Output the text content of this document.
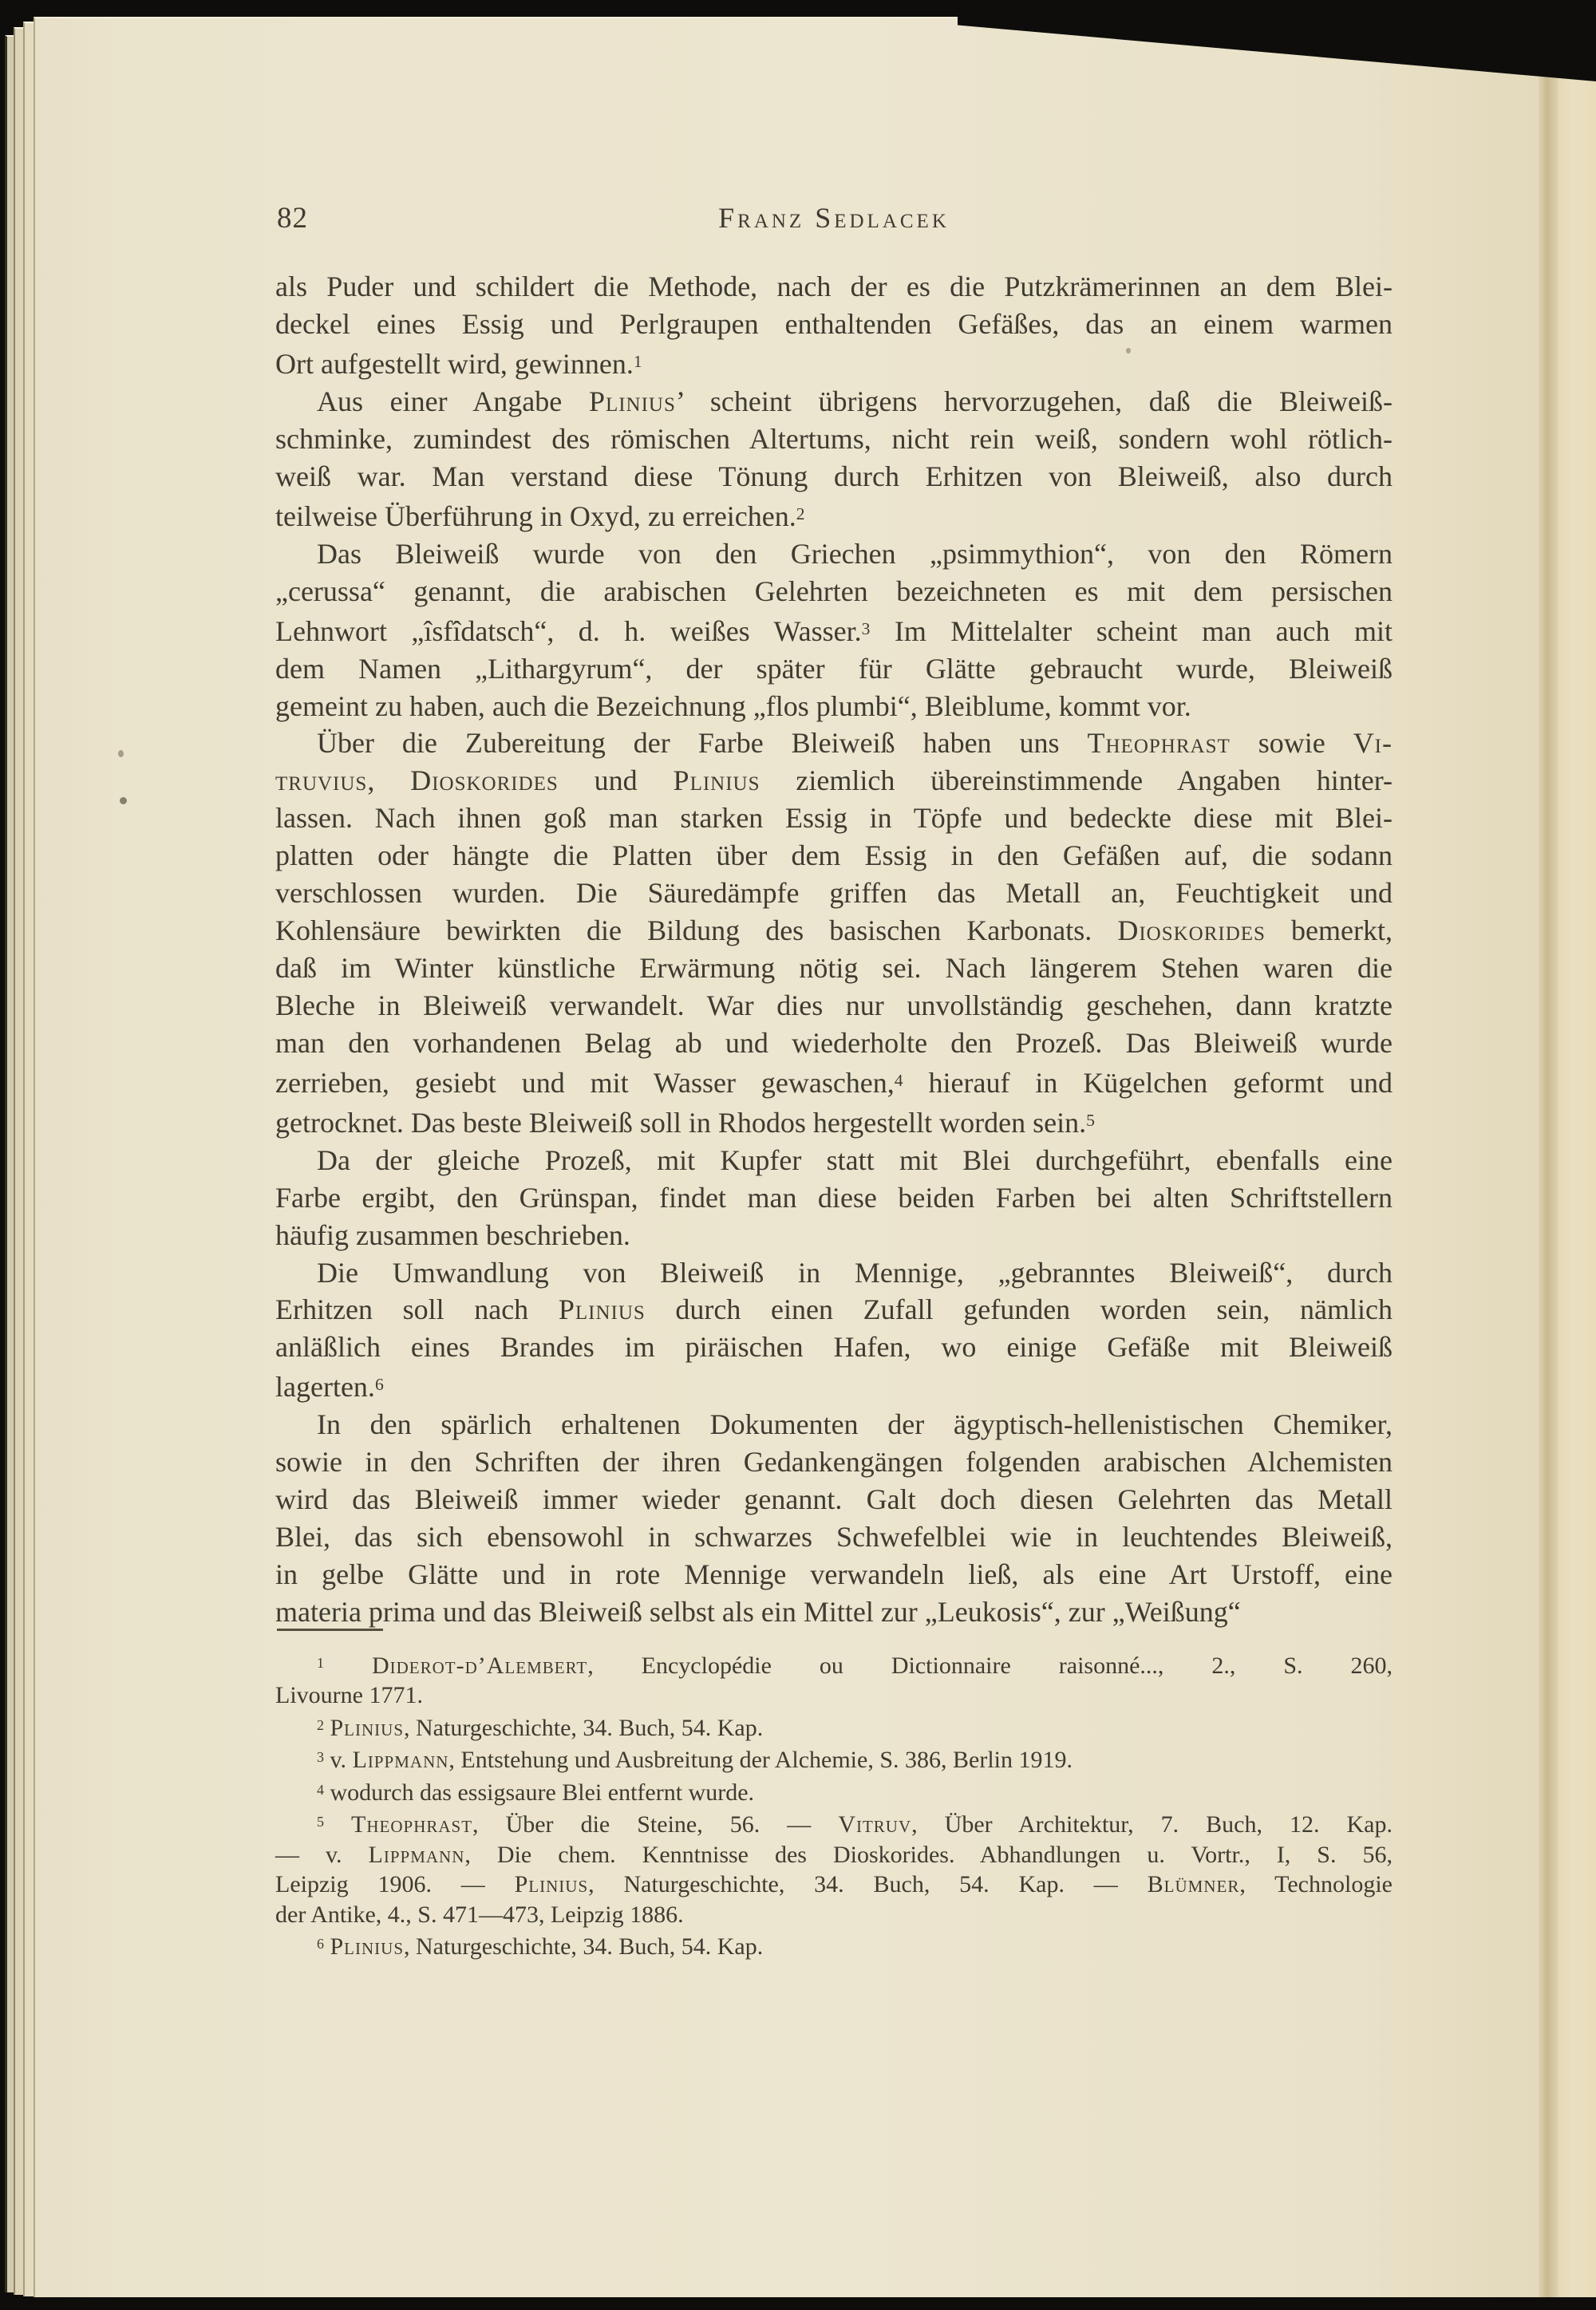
82	Franz Sedlacek
als Puder und schildert die Methode, nach der es die Putzkrämerinnen an dem Blei-
deckel eines Essig und Perlgraupen enthaltenden Gefäßes, das an einem warmen
Ort aufgestellt wird, gewinnen.$^1$
Aus einer Angabe Plinius’ scheint übrigens hervorzugehen, daß die Bleiweiß-
schminke, zumindest des römischen Altertums, nicht rein weiß, sondern wohl rötlich-
weiß war. Man verstand diese Tönung durch Erhitzen von Bleiweiß, also durch
teilweise Überführung in Oxyd, zu erreichen.$^2$
Das Bleiweiß wurde von den Griechen „psimmythion“, von den Römern
„cerussa“ genannt, die arabischen Gelehrten bezeichneten es mit dem persischen
Lehnwort „îsfîdatsch“, d. h. weißes Wasser.$^3$ Im Mittelalter scheint man auch mit
dem Namen „Lithargyrum“, der später für Glätte gebraucht wurde, Bleiweiß
gemeint zu haben, auch die Bezeichnung „flos plumbi“, Bleiblume, kommt vor.
Über die Zubereitung der Farbe Bleiweiß haben uns Theophrast sowie Vi-
truvius, Dioskorides und Plinius ziemlich übereinstimmende Angaben hinter-
lassen. Nach ihnen goß man starken Essig in Töpfe und bedeckte diese mit Blei-
platten oder hängte die Platten über dem Essig in den Gefäßen auf, die sodann
verschlossen wurden. Die Säuredämpfe griffen das Metall an, Feuchtigkeit und
Kohlensäure bewirkten die Bildung des basischen Karbonats. Dioskorides bemerkt,
daß im Winter künstliche Erwärmung nötig sei. Nach längerem Stehen waren die
Bleche in Bleiweiß verwandelt. War dies nur unvollständig geschehen, dann kratzte
man den vorhandenen Belag ab und wiederholte den Prozeß. Das Bleiweiß wurde
zerrieben, gesiebt und mit Wasser gewaschen,$^4$ hierauf in Kügelchen geformt und
getrocknet. Das beste Bleiweiß soll in Rhodos hergestellt worden sein.$^5$
Da der gleiche Prozeß, mit Kupfer statt mit Blei durchgeführt, ebenfalls eine
Farbe ergibt, den Grünspan, findet man diese beiden Farben bei alten Schriftstellern
häufig zusammen beschrieben.
Die Umwandlung von Bleiweiß in Mennige, „gebranntes Bleiweiß“, durch
Erhitzen soll nach Plinius durch einen Zufall gefunden worden sein, nämlich
anläßlich eines Brandes im piräischen Hafen, wo einige Gefäße mit Bleiweiß
lagerten.$^6$
In den spärlich erhaltenen Dokumenten der ägyptisch-hellenistischen Chemiker,
sowie in den Schriften der ihren Gedankengängen folgenden arabischen Alchemisten
wird das Bleiweiß immer wieder genannt. Galt doch diesen Gelehrten das Metall
Blei, das sich ebensowohl in schwarzes Schwefelblei wie in leuchtendes Bleiweiß,
in gelbe Glätte und in rote Mennige verwandeln ließ, als eine Art Urstoff, eine
materia prima und das Bleiweiß selbst als ein Mittel zur „Leukosis“, zur „Weißung“
$^1$ Diderot-d’Alembert, Encyclopédie ou Dictionnaire raisonné..., 2., S. 260,
Livourne 1771.
$^2$ Plinius, Naturgeschichte, 34. Buch, 54. Kap.
$^3$ v. Lippmann, Entstehung und Ausbreitung der Alchemie, S. 386, Berlin 1919.
$^4$ wodurch das essigsaure Blei entfernt wurde.
$^5$ Theophrast, Über die Steine, 56. — Vitruv, Über Architektur, 7. Buch, 12. Kap.
— v. Lippmann, Die chem. Kenntnisse des Dioskorides. Abhandlungen u. Vortr., I, S. 56,
Leipzig 1906. — Plinius, Naturgeschichte, 34. Buch, 54. Kap. — Blümner, Technologie
der Antike, 4., S. 471—473, Leipzig 1886.
$^6$ Plinius, Naturgeschichte, 34. Buch, 54. Kap.
